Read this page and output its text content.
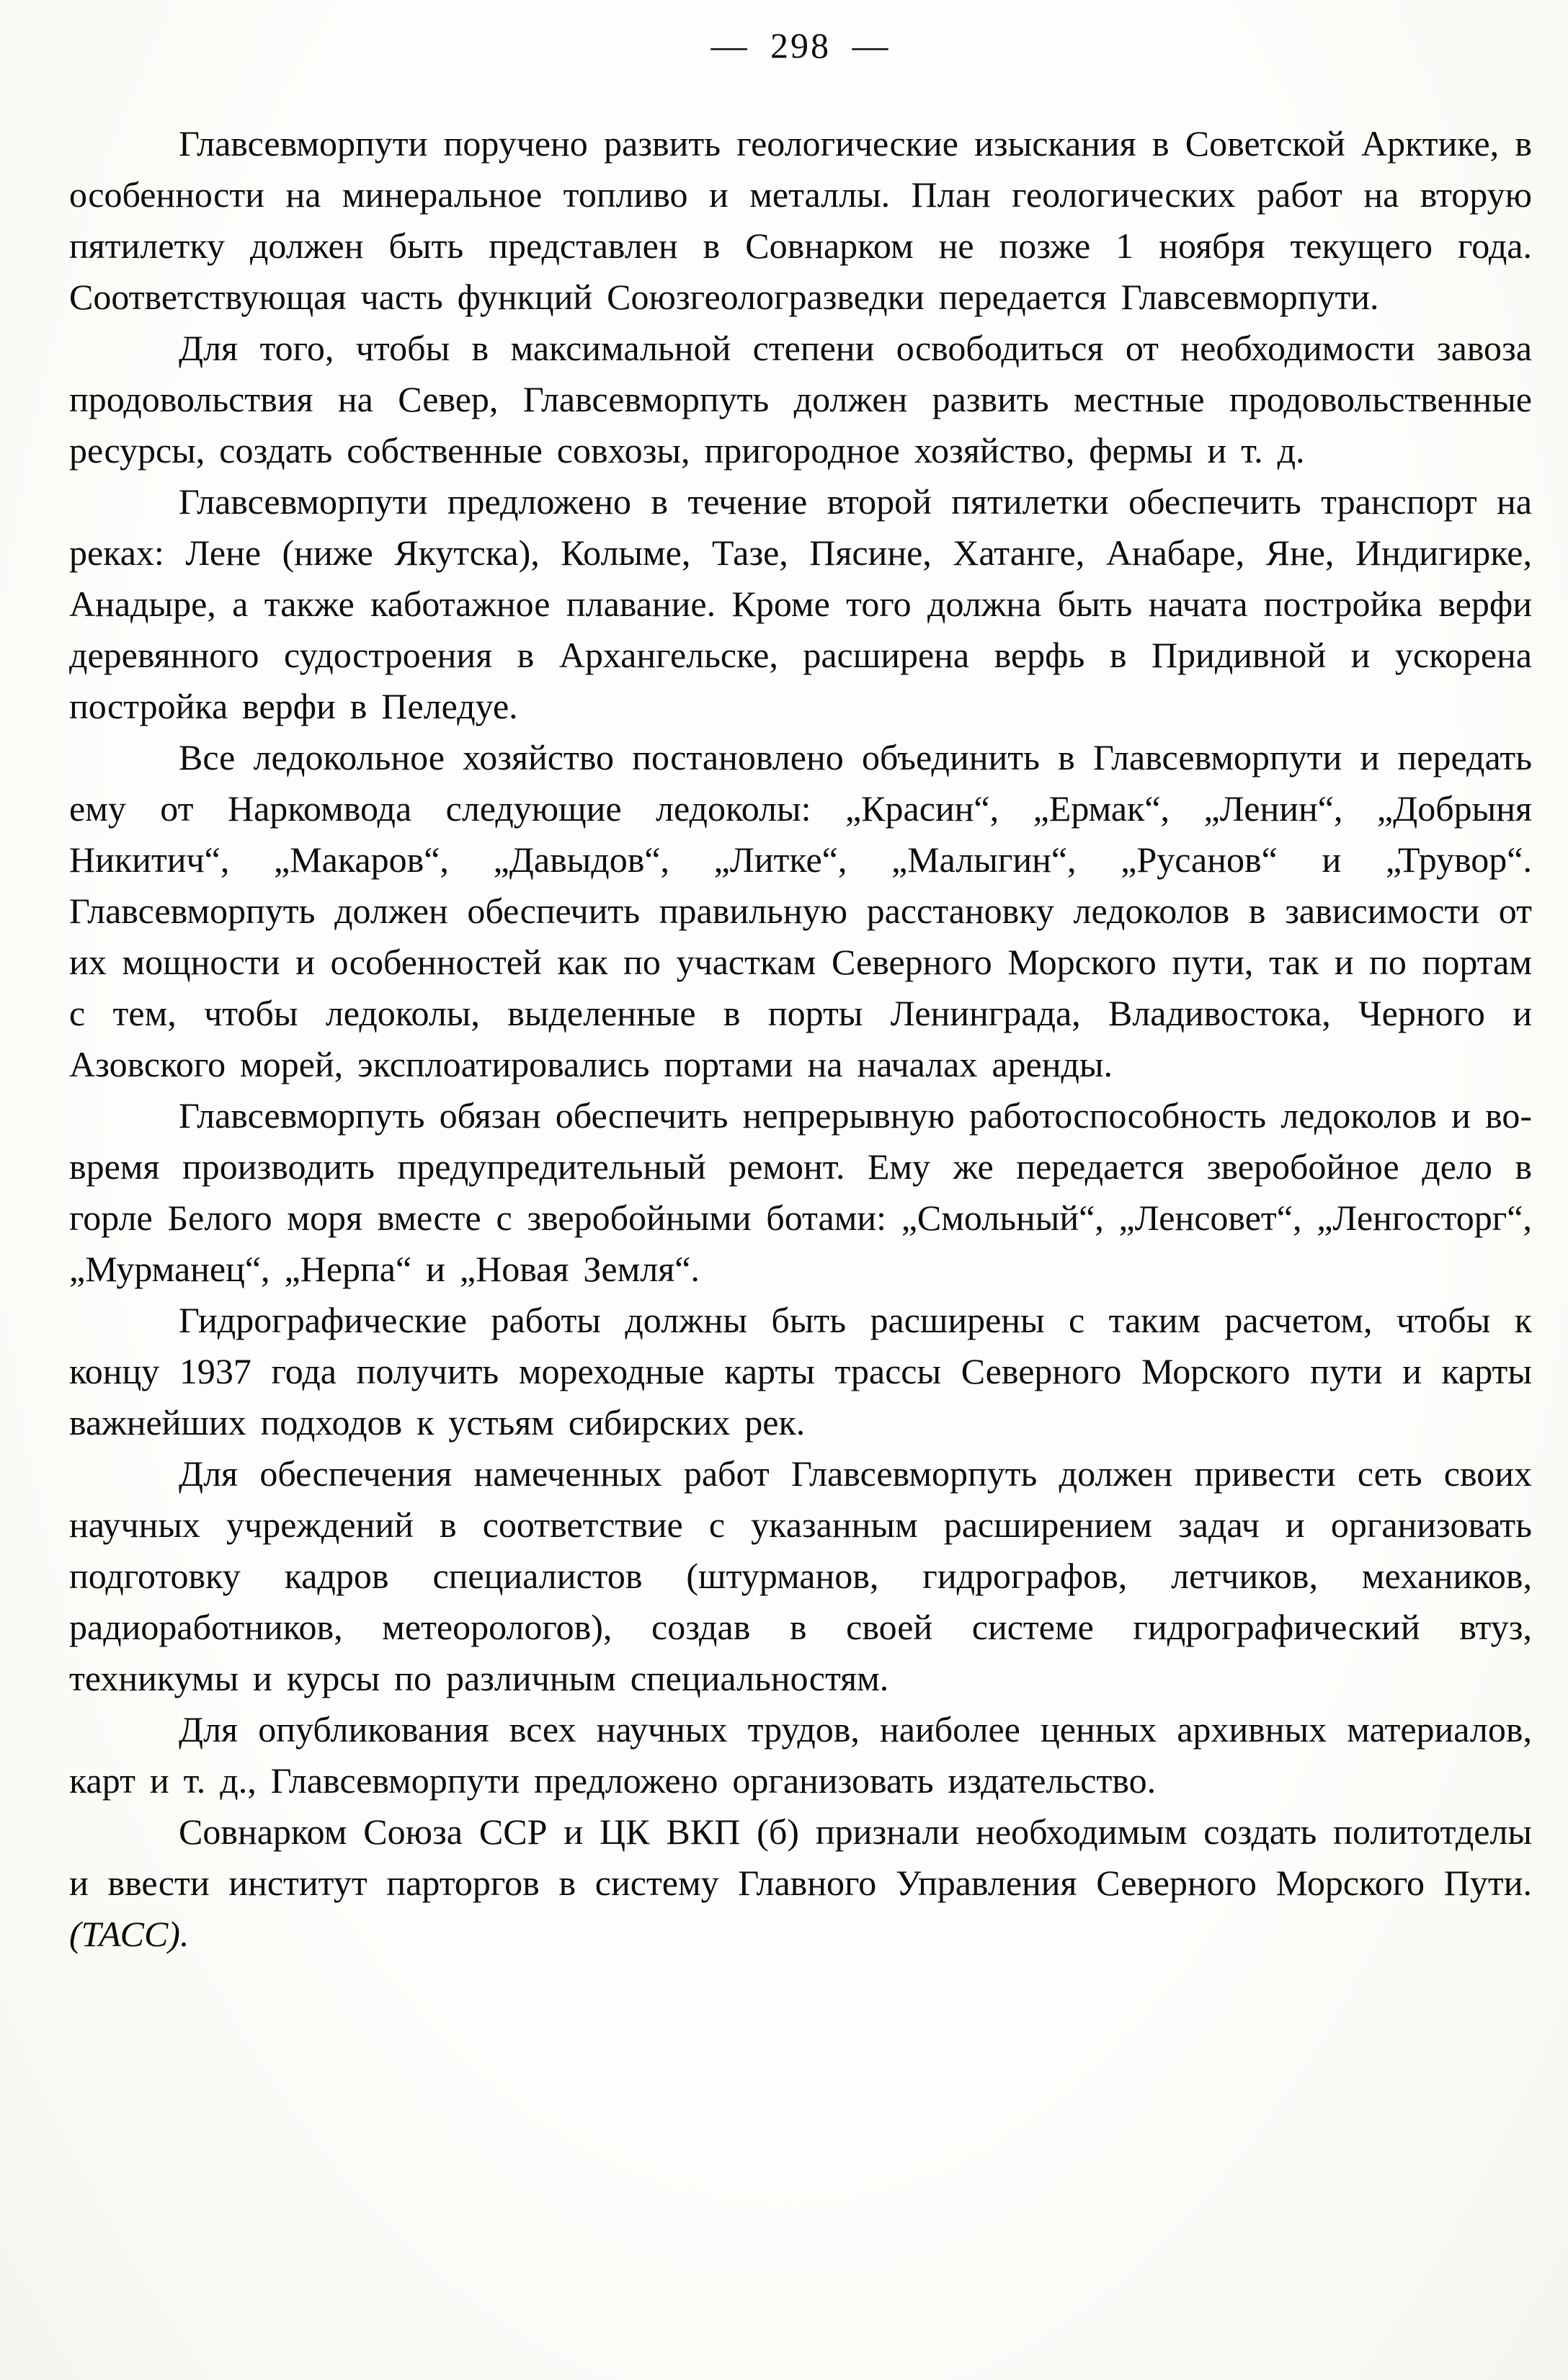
— 298 —

Главсевморпути поручено развить геологические изыскания в Советской Арктике, в особенности на минеральное топливо и металлы. План геологических работ на вторую пятилетку должен быть представлен в Совнарком не позже 1 ноября текущего года. Соответствующая часть функций Союзгеологразведки передается Главсевморпути.

Для того, чтобы в максимальной степени освободиться от необходимости завоза продовольствия на Север, Главсевморпуть должен развить местные продовольственные ресурсы, создать собственные совхозы, пригородное хозяйство, фермы и т. д.

Главсевморпути предложено в течение второй пятилетки обеспечить транспорт на реках: Лене (ниже Якутска), Колыме, Тазе, Пясине, Хатанге, Анабаре, Яне, Индигирке, Анадыре, а также каботажное плавание. Кроме того должна быть начата постройка верфи деревянного судостроения в Архангельске, расширена верфь в Придивной и ускорена постройка верфи в Пеледуе.

Все ледокольное хозяйство постановлено объединить в Главсевморпути и передать ему от Наркомвода следующие ледоколы: „Красин“, „Ермак“, „Ленин“, „Добрыня Никитич“, „Макаров“, „Давыдов“, „Литке“, „Малыгин“, „Русанов“ и „Трувор“. Главсевморпуть должен обеспечить правильную расстановку ледоколов в зависимости от их мощности и особенностей как по участкам Северного Морского пути, так и по портам с тем, чтобы ледоколы, выделенные в порты Ленинграда, Владивостока, Черного и Азовского морей, эксплоатировались портами на началах аренды.

Главсевморпуть обязан обеспечить непрерывную работоспособность ледоколов и во-время производить предупредительный ремонт. Ему же передается зверобойное дело в горле Белого моря вместе с зверобойными ботами: „Смольный“, „Ленсовет“, „Ленгосторг“, „Мурманец“, „Нерпа“ и „Новая Земля“.

Гидрографические работы должны быть расширены с таким расчетом, чтобы к концу 1937 года получить мореходные карты трассы Северного Морского пути и карты важнейших подходов к устьям сибирских рек.

Для обеспечения намеченных работ Главсевморпуть должен привести сеть своих научных учреждений в соответствие с указанным расширением задач и организовать подготовку кадров специалистов (штурманов, гидрографов, летчиков, механиков, радиоработников, метеорологов), создав в своей системе гидрографический втуз, техникумы и курсы по различным специальностям.

Для опубликования всех научных трудов, наиболее ценных архивных материалов, карт и т. д., Главсевморпути предложено организовать издательство.

Совнарком Союза ССР и ЦК ВКП (б) признали необходимым создать политотделы и ввести институт парторгов в систему Главного Управления Северного Морского Пути. (ТАСС).
